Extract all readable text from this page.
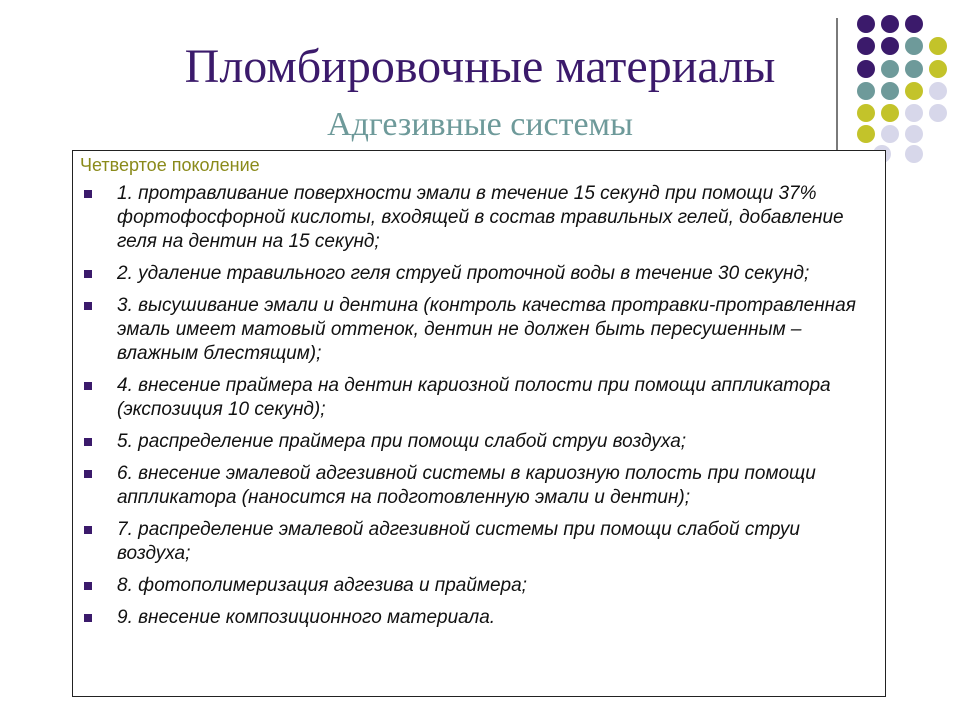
Пломбировочные материалы
Адгезивные системы
Четвертое поколение
1. протравливание поверхности эмали в течение 15 секунд при помощи 37% фортофосфорной кислоты, входящей в состав травильных гелей, добавление геля на дентин на 15 секунд;
2. удаление травильного геля струей проточной воды в течение 30 секунд;
3. высушивание эмали и дентина (контроль качества протравки-протравленная эмаль имеет матовый оттенок, дентин не должен быть пересушенным – влажным блестящим);
4. внесение праймера на дентин кариозной полости при помощи аппликатора (экспозиция 10 секунд);
5. распределение праймера при помощи слабой струи воздуха;
6. внесение эмалевой адгезивной системы в кариозную полость при помощи аппликатора (наносится на подготовленную эмали и дентин);
7. распределение эмалевой адгезивной системы при помощи слабой струи воздуха;
8. фотополимеризация адгезива и праймера;
9. внесение композиционного материала.
